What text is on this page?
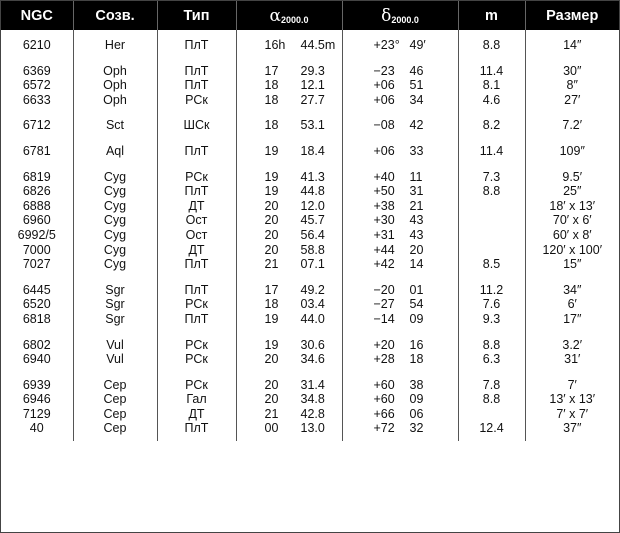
NGC	Созв.	Тип	$\alpha_{2000.0}$	$\delta_{2000.0}$	m	Размер

6210	Her	ПлТ	16h 44.5m	+23° 49′	8.8	14″

6369	Oph	ПлТ	17 29.3	−23 46	11.4	30″
6572	Oph	ПлТ	18 12.1	+06 51	8.1	8″
6633	Oph	РСк	18 27.7	+06 34	4.6	27′

6712	Sct	ШСк	18 53.1	−08 42	8.2	7.2′

6781	Aql	ПлТ	19 18.4	+06 33	11.4	109″

6819	Cyg	РСк	19 41.3	+40 11	7.3	9.5′
6826	Cyg	ПлТ	19 44.8	+50 31	8.8	25″
6888	Cyg	ДТ	20 12.0	+38 21		18′ x 13′
6960	Cyg	Ост	20 45.7	+30 43		70′ x 6′
6992/5	Cyg	Ост	20 56.4	+31 43		60′ x 8′
7000	Cyg	ДТ	20 58.8	+44 20		120′ x 100′
7027	Cyg	ПлТ	21 07.1	+42 14	8.5	15″

6445	Sgr	ПлТ	17 49.2	−20 01	11.2	34″
6520	Sgr	РСк	18 03.4	−27 54	7.6	6′
6818	Sgr	ПлТ	19 44.0	−14 09	9.3	17″

6802	Vul	РСк	19 30.6	+20 16	8.8	3.2′
6940	Vul	РСк	20 34.6	+28 18	6.3	31′

6939	Cep	РСк	20 31.4	+60 38	7.8	7′
6946	Cep	Гал	20 34.8	+60 09	8.8	13′ x 13′
7129	Cep	ДТ	21 42.8	+66 06		7′ x 7′
40	Cep	ПлТ	00 13.0	+72 32	12.4	37″
